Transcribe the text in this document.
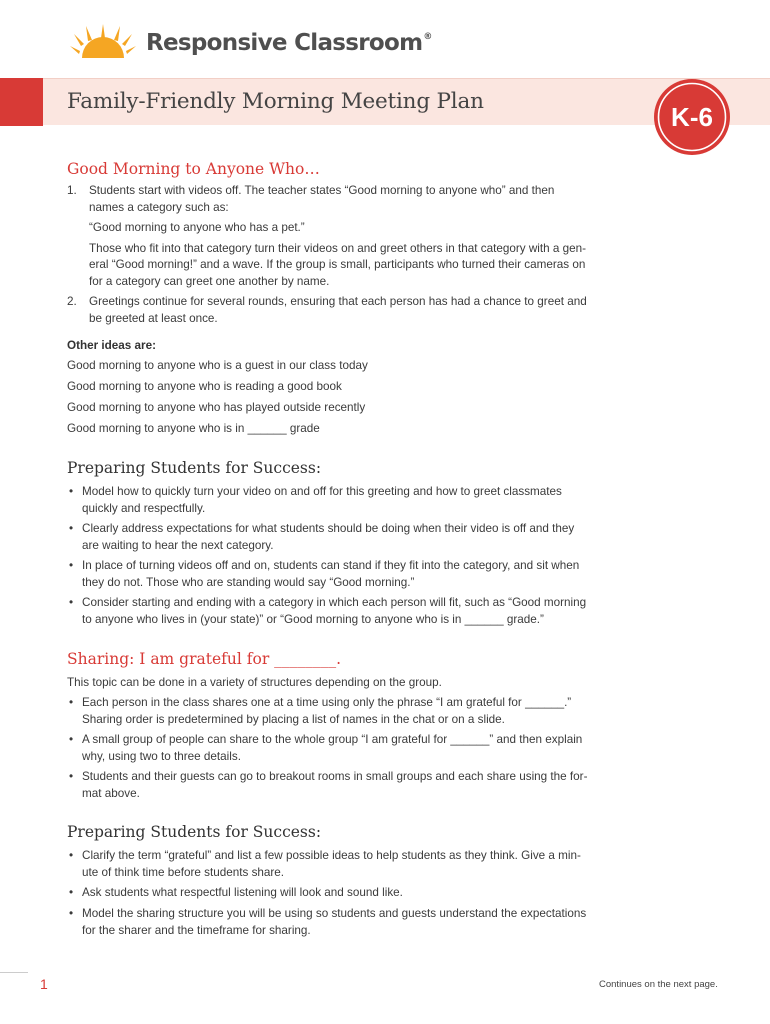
Responsive Classroom®
Family-Friendly Morning Meeting Plan
K-6
Good Morning to Anyone Who…
1. Students start with videos off. The teacher states “Good morning to anyone who” and then
names a category such as:
“Good morning to anyone who has a pet.”
Those who fit into that category turn their videos on and greet others in that category with a gen-
eral “Good morning!” and a wave. If the group is small, participants who turned their cameras on
for a category can greet one another by name.
2. Greetings continue for several rounds, ensuring that each person has had a chance to greet and
be greeted at least once.
Other ideas are:
Good morning to anyone who is a guest in our class today
Good morning to anyone who is reading a good book
Good morning to anyone who has played outside recently
Good morning to anyone who is in ______ grade
Preparing Students for Success:
• Model how to quickly turn your video on and off for this greeting and how to greet classmates
quickly and respectfully.
• Clearly address expectations for what students should be doing when their video is off and they
are waiting to hear the next category.
• In place of turning videos off and on, students can stand if they fit into the category, and sit when
they do not. Those who are standing would say “Good morning.”
• Consider starting and ending with a category in which each person will fit, such as “Good morning
to anyone who lives in (your state)” or “Good morning to anyone who is in ______ grade.”
Sharing: I am grateful for ________.
This topic can be done in a variety of structures depending on the group.
• Each person in the class shares one at a time using only the phrase “I am grateful for ______.”
Sharing order is predetermined by placing a list of names in the chat or on a slide.
• A small group of people can share to the whole group “I am grateful for ______” and then explain
why, using two to three details.
• Students and their guests can go to breakout rooms in small groups and each share using the for-
mat above.
Preparing Students for Success:
• Clarify the term “grateful” and list a few possible ideas to help students as they think. Give a min-
ute of think time before students share.
• Ask students what respectful listening will look and sound like.
• Model the sharing structure you will be using so students and guests understand the expectations
for the sharer and the timeframe for sharing.
1	Continues on the next page.
